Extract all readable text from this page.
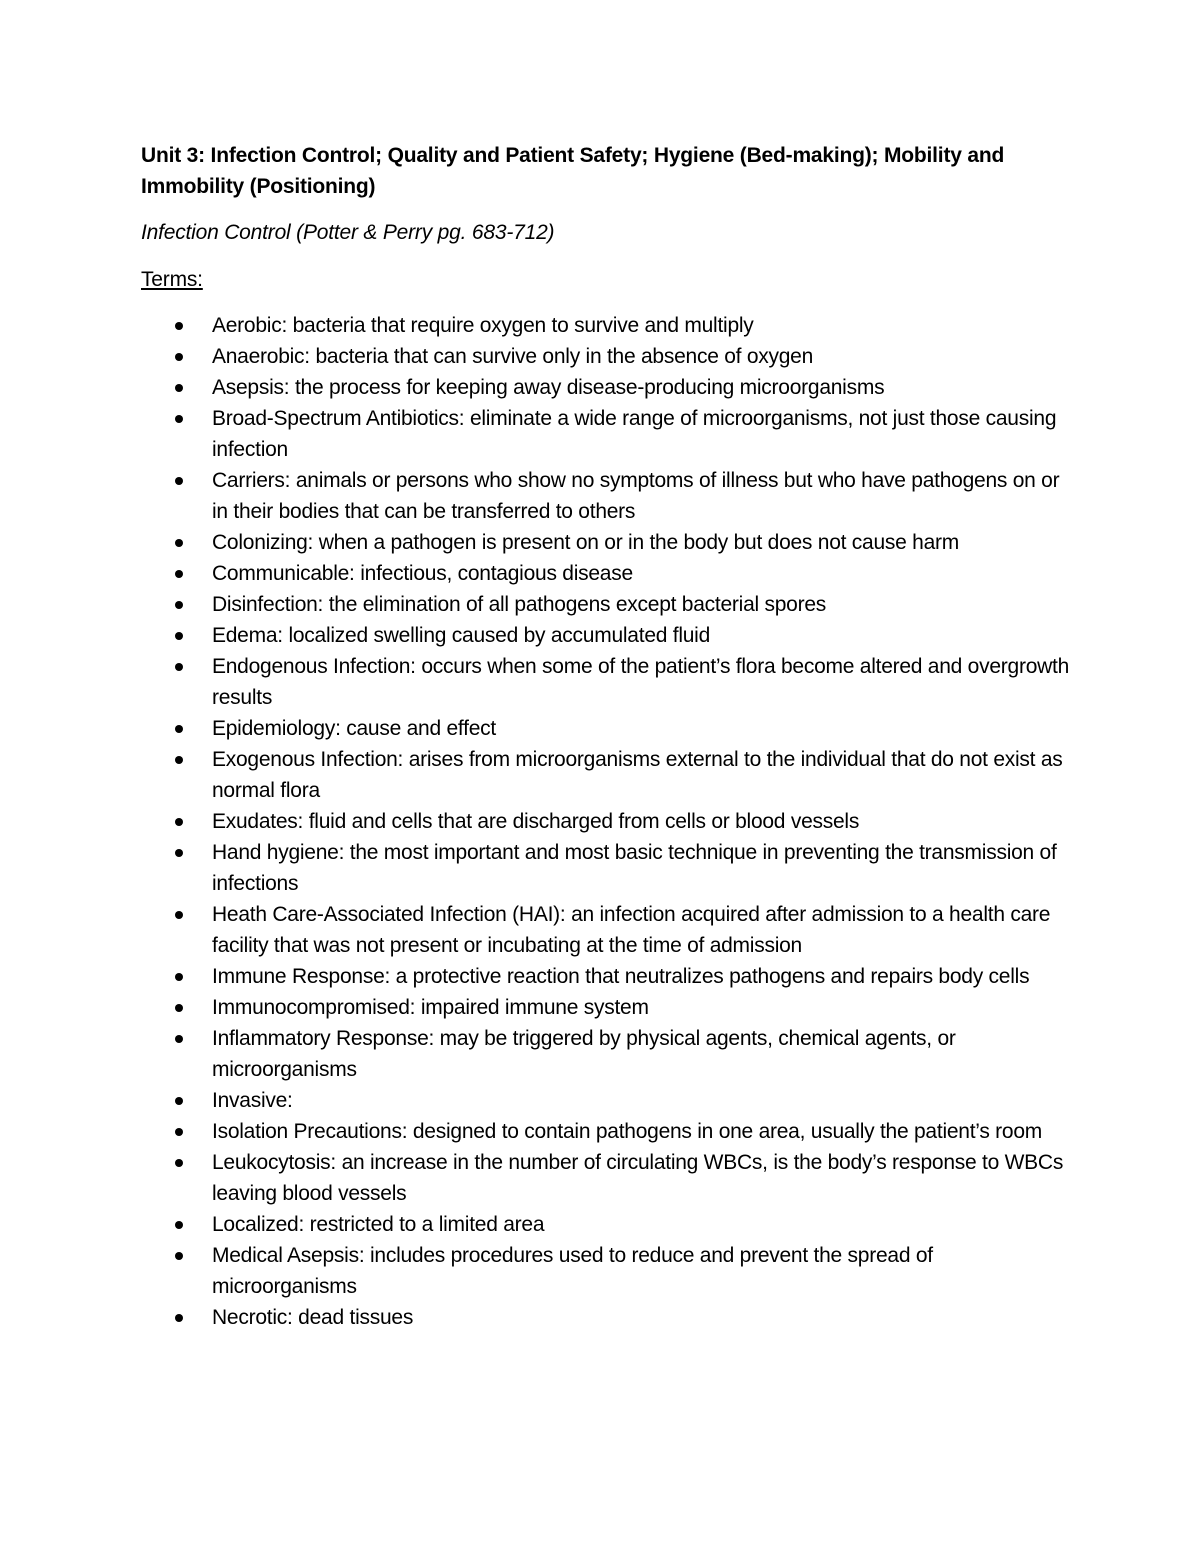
Unit 3: Infection Control; Quality and Patient Safety; Hygiene (Bed-making); Mobility and Immobility (Positioning)

Infection Control (Potter & Perry pg. 683-712)

Terms:

Aerobic: bacteria that require oxygen to survive and multiply
Anaerobic: bacteria that can survive only in the absence of oxygen
Asepsis: the process for keeping away disease-producing microorganisms
Broad-Spectrum Antibiotics: eliminate a wide range of microorganisms, not just those causing infection
Carriers: animals or persons who show no symptoms of illness but who have pathogens on or in their bodies that can be transferred to others
Colonizing: when a pathogen is present on or in the body but does not cause harm
Communicable: infectious, contagious disease
Disinfection: the elimination of all pathogens except bacterial spores
Edema: localized swelling caused by accumulated fluid
Endogenous Infection: occurs when some of the patient’s flora become altered and overgrowth results
Epidemiology: cause and effect
Exogenous Infection: arises from microorganisms external to the individual that do not exist as normal flora
Exudates: fluid and cells that are discharged from cells or blood vessels
Hand hygiene: the most important and most basic technique in preventing the transmission of infections
Heath Care-Associated Infection (HAI): an infection acquired after admission to a health care facility that was not present or incubating at the time of admission
Immune Response: a protective reaction that neutralizes pathogens and repairs body cells
Immunocompromised: impaired immune system
Inflammatory Response: may be triggered by physical agents, chemical agents, or microorganisms
Invasive:
Isolation Precautions: designed to contain pathogens in one area, usually the patient’s room
Leukocytosis: an increase in the number of circulating WBCs, is the body’s response to WBCs leaving blood vessels
Localized: restricted to a limited area
Medical Asepsis: includes procedures used to reduce and prevent the spread of microorganisms
Necrotic: dead tissues
